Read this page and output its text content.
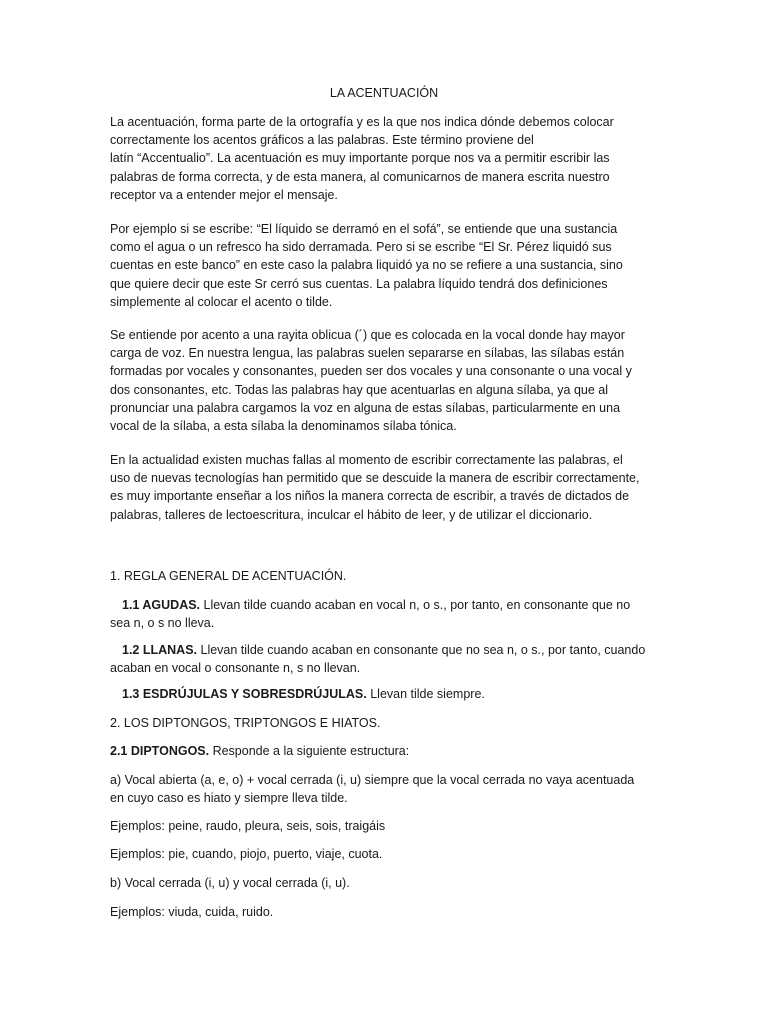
LA ACENTUACIÓN

La acentuación, forma parte de la ortografía y es la que nos indica dónde debemos colocar
correctamente los acentos gráficos a las palabras. Este término proviene del
latín “Accentualio”. La acentuación es muy importante porque nos va a permitir escribir las
palabras de forma correcta, y de esta manera, al comunicarnos de manera escrita nuestro
receptor va a entender mejor el mensaje.

Por ejemplo si se escribe: “El líquido se derramó en el sofá”, se entiende que una sustancia
como el agua o un refresco ha sido derramada. Pero si se escribe “El Sr. Pérez liquidó sus
cuentas en este banco” en este caso la palabra liquidó ya no se refiere a una sustancia, sino
que quiere decir que este Sr cerró sus cuentas. La palabra líquido tendrá dos definiciones
simplemente al colocar el acento o tilde.

Se entiende por acento a una rayita oblicua (´) que es colocada en la vocal donde hay mayor
carga de voz. En nuestra lengua, las palabras suelen separarse en sílabas, las sílabas están
formadas por vocales y consonantes, pueden ser dos vocales y una consonante o una vocal y
dos consonantes, etc. Todas las palabras hay que acentuarlas en alguna sílaba, ya que al
pronunciar una palabra cargamos la voz en alguna de estas sílabas, particularmente en una
vocal de la sílaba, a esta sílaba la denominamos sílaba tónica.

En la actualidad existen muchas fallas al momento de escribir correctamente las palabras, el
uso de nuevas tecnologías han permitido que se descuide la manera de escribir correctamente,
es muy importante enseñar a los niños la manera correcta de escribir, a través de dictados de
palabras, talleres de lectoescritura, inculcar el hábito de leer, y de utilizar el diccionario.

1. REGLA GENERAL DE ACENTUACIÓN.

1.1 AGUDAS. Llevan tilde cuando acaban en vocal n, o s., por tanto, en consonante que no
sea n, o s no lleva.

1.2 LLANAS. Llevan tilde cuando acaban en consonante que no sea n, o s., por tanto, cuando
acaban en vocal o consonante n, s no llevan.

1.3 ESDRÚJULAS Y SOBRESDRÚJULAS. Llevan tilde siempre.

2. LOS DIPTONGOS, TRIPTONGOS E HIATOS.

2.1 DIPTONGOS. Responde a la siguiente estructura:

a) Vocal abierta (a, e, o) + vocal cerrada (i, u) siempre que la vocal cerrada no vaya acentuada
en cuyo caso es hiato y siempre lleva tilde.

Ejemplos: peine, raudo, pleura, seis, sois, traigáis

Ejemplos: pie, cuando, piojo, puerto, viaje, cuota.

b) Vocal cerrada (i, u) y vocal cerrada (i, u).

Ejemplos: viuda, cuida, ruido.
